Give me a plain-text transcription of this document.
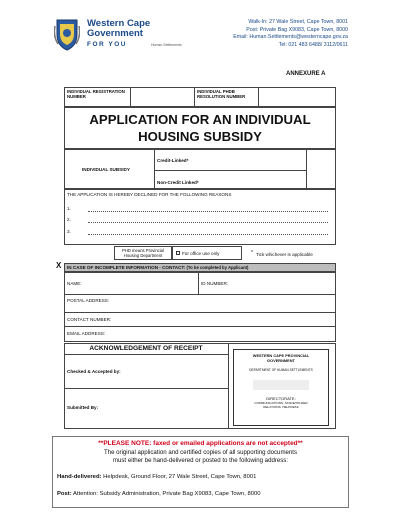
Western Cape
Government
FOR YOU	Human Settlements
Walk-In: 27 Wale Street, Cape Town, 8001
Post: Private Bag X9083, Cape Town, 8000
Email: Human.Settlements@westerncape.gov.za
Tel: 021 483 6488/ 3112/0611
ANNEXURE A
INDIVIDUAL REGISTRATION NUMBER
INDIVIDUAL PHDB RESOLUTION NUMBER
APPLICATION FOR AN INDIVIDUAL
HOUSING SUBSIDY
INDIVIDUAL SUBSIDY
Credit-Linked*
Non-Credit Linked*
THE APPLICATION IS HEREBY DECLINED FOR THE FOLLOWING REASONS
1.
2.
3.
PHD means Provincial Housing Department	For office use only	* Tick whichever is applicable
X IN CASE OF INCOMPLETE INFORMATION - CONTACT: (To be completed by Applicant)
NAME:	ID NUMBER:
POSTAL ADDRESS:
CONTACT NUMBER:
EMAIL ADDRESS:
ACKNOWLEDGEMENT OF RECEIPT
Checked & Accepted by:
Submitted By:
WESTERN CAPE PROVINCIAL
GOVERNMENT
DEPARTMENT OF HUMAN SETTLEMENTS
DIRECTORATE:
COMMUNICATIONS, STAKEHOLDER
RELATIONS: HELPDESK
**PLEASE NOTE: faxed or emailed applications are not accepted**
The original application and certified copies of all supporting documents
must either be hand-delivered or posted to the following address:
Hand-delivered: Helpdesk, Ground Floor, 27 Wale Street, Cape Town, 8001
Post: Attention: Subsidy Administration, Private Bag X9083, Cape Town, 8000
